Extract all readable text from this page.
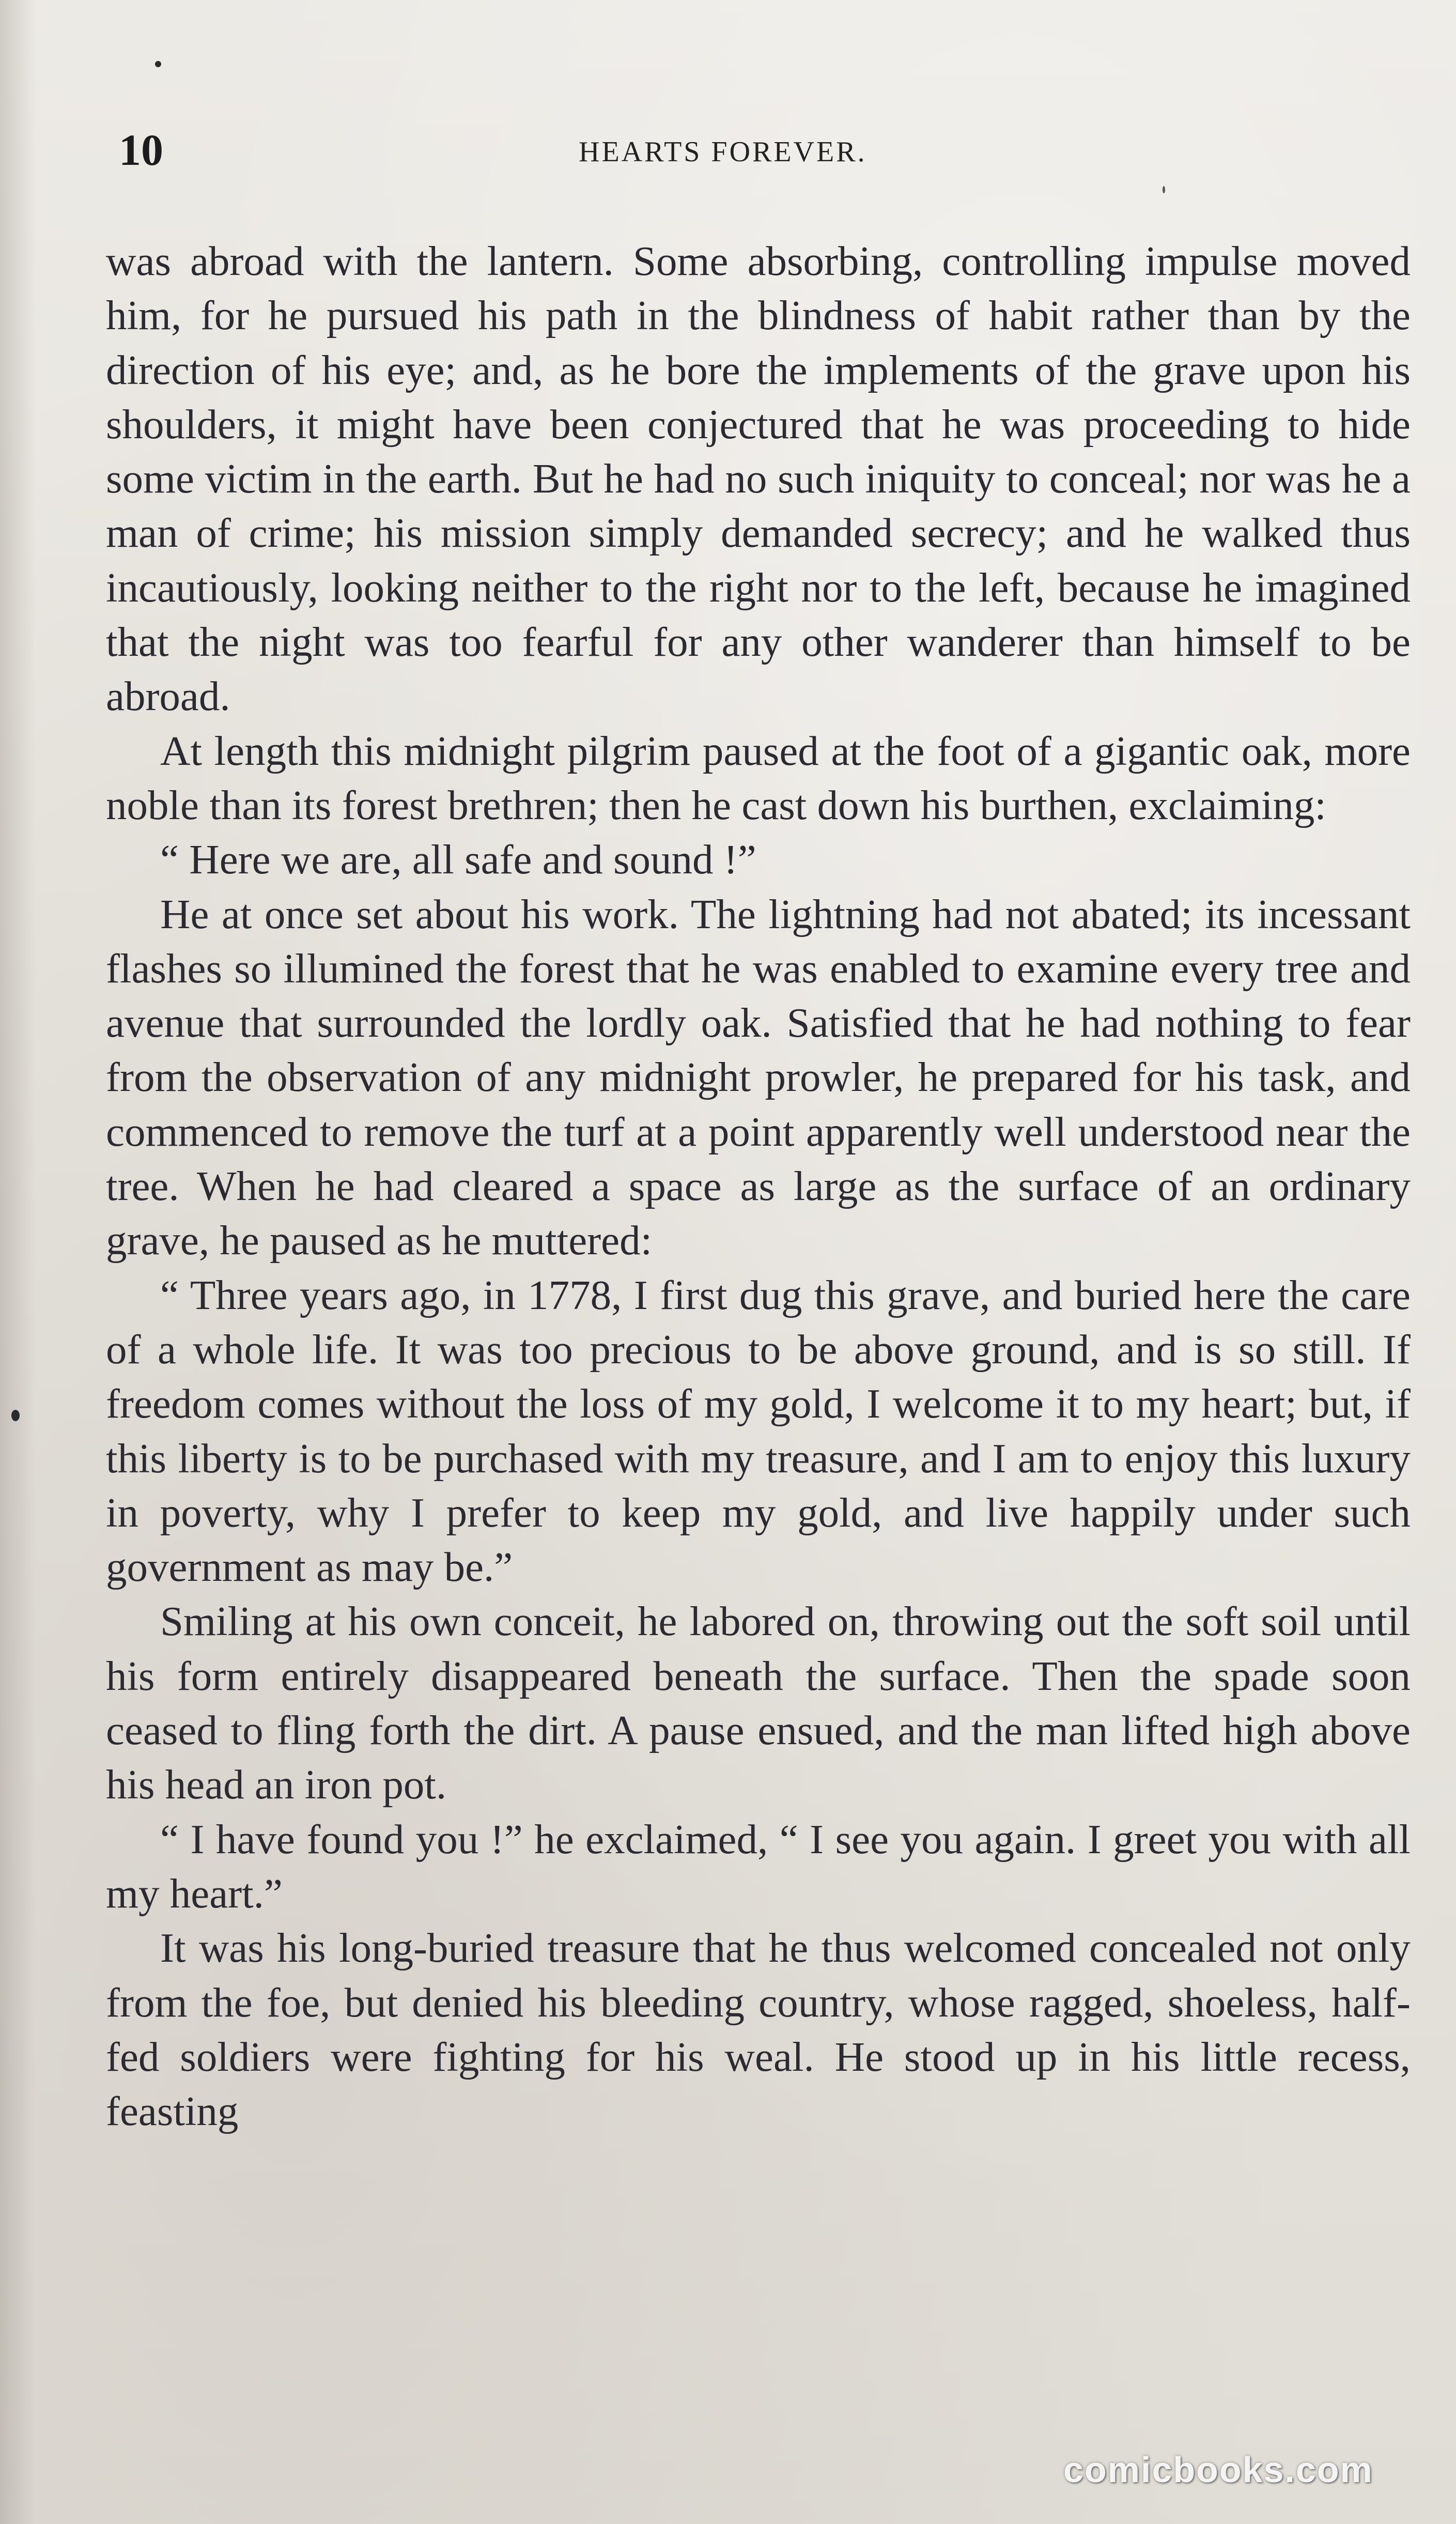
10	HEARTS FOREVER.

was abroad with the lantern. Some absorbing, controlling impulse moved him, for he pursued his path in the blindness of habit rather than by the direction of his eye; and, as he bore the implements of the grave upon his shoulders, it might have been conjectured that he was proceeding to hide some victim in the earth. But he had no such iniquity to conceal; nor was he a man of crime; his mission simply demanded secrecy; and he walked thus incautiously, looking neither to the right nor to the left, because he imagined that the night was too fearful for any other wanderer than himself to be abroad.

At length this midnight pilgrim paused at the foot of a gigantic oak, more noble than its forest brethren; then he cast down his burthen, exclaiming:

“ Here we are, all safe and sound !”

He at once set about his work. The lightning had not abated; its incessant flashes so illumined the forest that he was enabled to examine every tree and avenue that surrounded the lordly oak. Satisfied that he had nothing to fear from the observation of any midnight prowler, he prepared for his task, and commenced to remove the turf at a point apparently well understood near the tree. When he had cleared a space as large as the surface of an ordinary grave, he paused as he muttered:

“ Three years ago, in 1778, I first dug this grave, and buried here the care of a whole life. It was too precious to be above ground, and is so still. If freedom comes without the loss of my gold, I welcome it to my heart; but, if this liberty is to be purchased with my treasure, and I am to enjoy this luxury in poverty, why I prefer to keep my gold, and live happily under such government as may be.”

Smiling at his own conceit, he labored on, throwing out the soft soil until his form entirely disappeared beneath the surface. Then the spade soon ceased to fling forth the dirt. A pause ensued, and the man lifted high above his head an iron pot.

“ I have found you !” he exclaimed, “ I see you again. I greet you with all my heart.”

It was his long-buried treasure that he thus welcomed concealed not only from the foe, but denied his bleeding country, whose ragged, shoeless, half-fed soldiers were fighting for his weal. He stood up in his little recess, feasting

comicbooks.com
